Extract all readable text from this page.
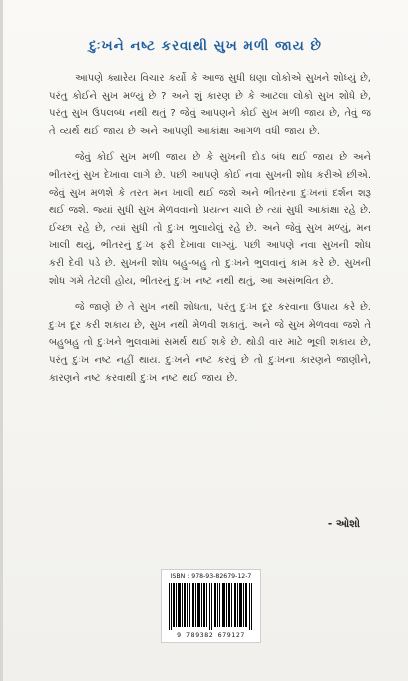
દુઃખને નષ્ટ કરવાથી સુખ મળી જાય છે

આપણે ક્યારેય વિચાર કર્યો કે આજ સુધી ઘણા લોકોએ સુખને શોધ્યું છે, પરંતુ કોઈને સુખ મળ્યું છે ? અને શું કારણ છે કે આટલા લોકો સુખ શોધે છે, પરંતુ સુખ ઉપલબ્ધ નથી થતું ? જેવું આપણને કોઈ સુખ મળી જાય છે, તેવું જ તે વ્યર્થ થઈ જાય છે અને આપણી આકાંક્ષા આગળ વધી જાય છે.

જેવું કોઈ સુખ મળી જાય છે કે સુખની દોડ બંધ થઈ જાય છે અને ભીતરનું સુખ દેખાવા લાગે છે. પછી આપણે કોઈ નવા સુખની શોધ કરીએ છીએ. જેવું સુખ મળશે કે તરત મન ખાલી થઈ જશે અને ભીતરના દુઃખનાં દર્શન શરૂ થઈ જશે. જ્યાં સુધી સુખ મેળવવાનો પ્રયત્ન ચાલે છે ત્યાં સુધી આકાંક્ષા રહે છે. ઈચ્છા રહે છે, ત્યાં સુધી તો દુઃખ ભુલાયેલું રહે છે. અને જેવું સુખ મળ્યું, મન ખાલી થયું, ભીતરનું દુઃખ ફરી દેખાવા લાગ્યું. પછી આપણે નવા સુખની શોધ કરી દેવી પડે છે. સુખની શોધ બહુ-બહુ તો દુઃખને ભુલવાનું કામ કરે છે. સુખની શોધ ગમે તેટલી હોય, ભીતરનું દુઃખ નષ્ટ નથી થતું, આ અસંભવિત છે.

જે જાણે છે તે સુખ નથી શોધતા, પરંતુ દુઃખ દૂર કરવાના ઉપાય કરે છે. દુઃખ દૂર કરી શકાય છે, સુખ નથી મેળવી શકાતું. અને જે સુખ મેળવવા જશે તે બહુબહુ તો દુઃખને ભુલવામાં સમર્થ થઈ શકે છે. થોડી વાર માટે ભૂલી શકાય છે, પરંતુ દુઃખ નષ્ટ નહીં થાય. દુઃખને નષ્ટ કરવું છે તો દુઃખના કારણને જાણીને, કારણને નષ્ટ કરવાથી દુઃખ નષ્ટ થઈ જાય છે.

- ઓશો
ISBN : 978-93-82679-12-7
9 789382 679127
